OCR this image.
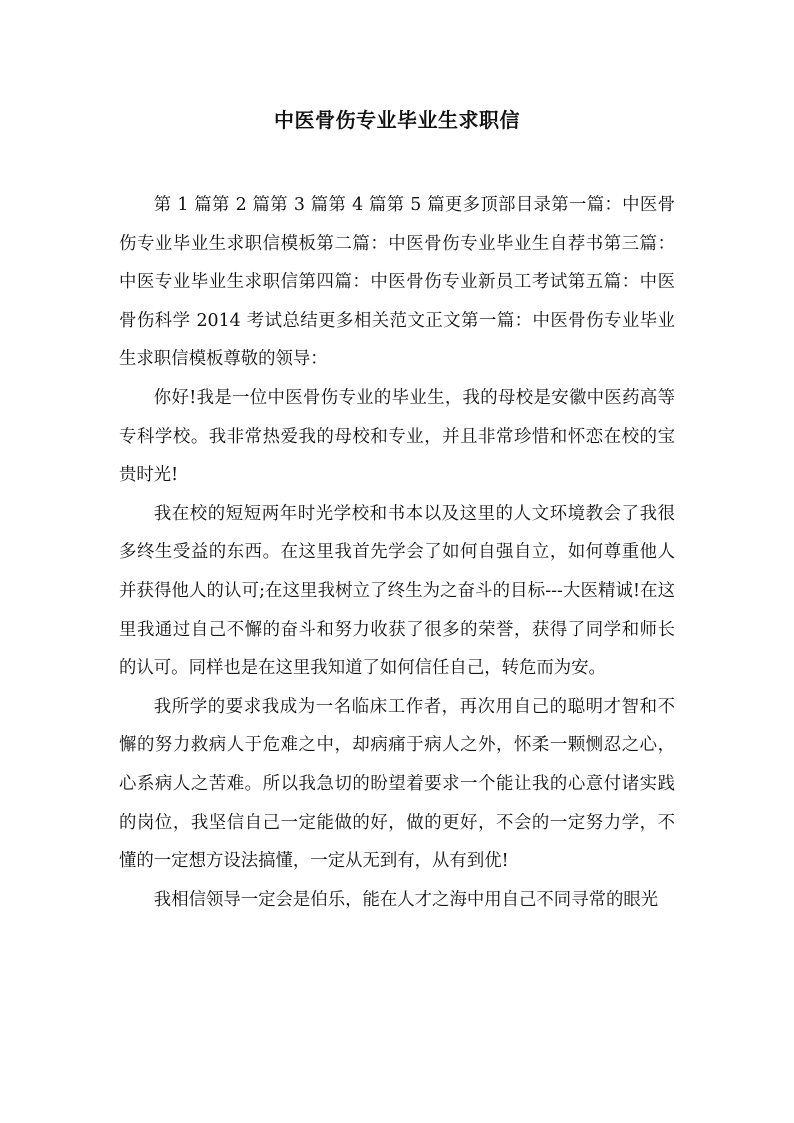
中医骨伤专业毕业生求职信

第 1 篇第 2 篇第 3 篇第 4 篇第 5 篇更多顶部目录第一篇：中医骨伤专业毕业生求职信模板第二篇：中医骨伤专业毕业生自荐书第三篇：中医专业毕业生求职信第四篇：中医骨伤专业新员工考试第五篇：中医骨伤科学 2014 考试总结更多相关范文正文第一篇：中医骨伤专业毕业生求职信模板尊敬的领导：

你好!我是一位中医骨伤专业的毕业生，我的母校是安徽中医药高等专科学校。我非常热爱我的母校和专业，并且非常珍惜和怀恋在校的宝贵时光!

我在校的短短两年时光学校和书本以及这里的人文环境教会了我很多终生受益的东西。在这里我首先学会了如何自强自立，如何尊重他人并获得他人的认可;在这里我树立了终生为之奋斗的目标---大医精诚!在这里我通过自己不懈的奋斗和努力收获了很多的荣誉，获得了同学和师长的认可。同样也是在这里我知道了如何信任自己，转危而为安。

我所学的要求我成为一名临床工作者，再次用自己的聪明才智和不懈的努力救病人于危难之中，却病痛于病人之外，怀柔一颗恻忍之心，心系病人之苦难。所以我急切的盼望着要求一个能让我的心意付诸实践的岗位，我坚信自己一定能做的好，做的更好，不会的一定努力学，不懂的一定想方设法搞懂，一定从无到有，从有到优!

我相信领导一定会是伯乐，能在人才之海中用自己不同寻常的眼光
